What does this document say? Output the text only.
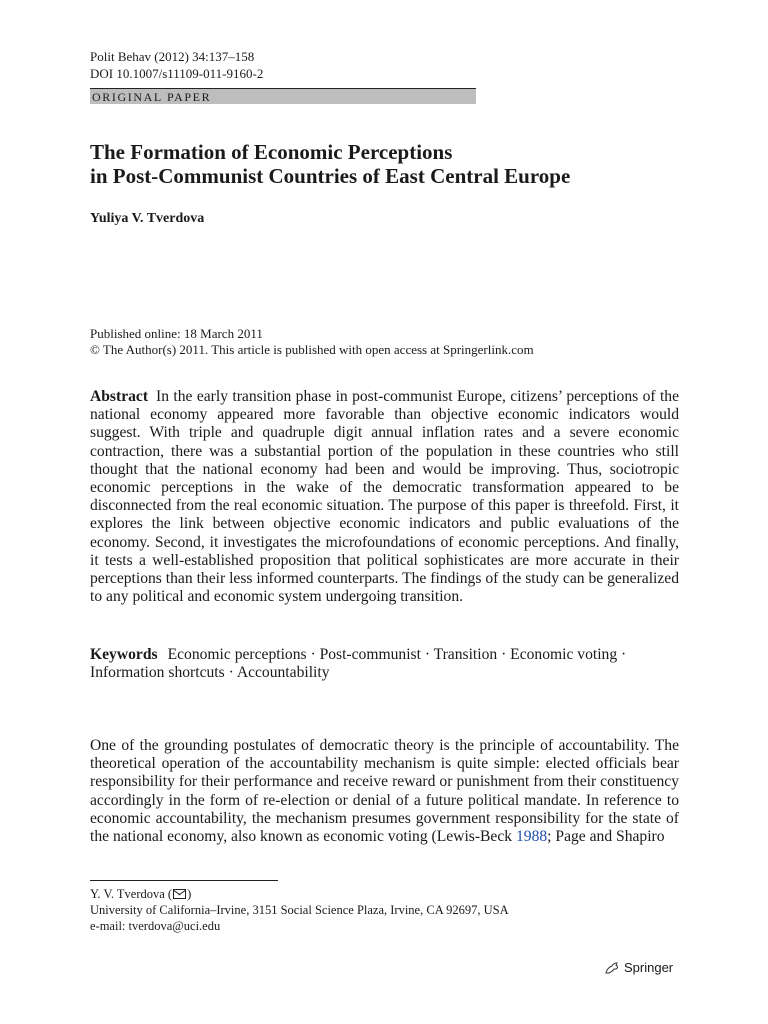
Polit Behav (2012) 34:137–158
DOI 10.1007/s11109-011-9160-2
ORIGINAL PAPER
The Formation of Economic Perceptions
in Post-Communist Countries of East Central Europe
Yuliya V. Tverdova
Published online: 18 March 2011
© The Author(s) 2011. This article is published with open access at Springerlink.com

Abstract In the early transition phase in post-communist Europe, citizens’ perceptions of the national economy appeared more favorable than objective economic indicators would suggest. With triple and quadruple digit annual inflation rates and a severe economic contraction, there was a substantial portion of the population in these countries who still thought that the national economy had been and would be improving. Thus, sociotropic economic perceptions in the wake of the democratic transformation appeared to be disconnected from the real economic situation. The purpose of this paper is threefold. First, it explores the link between objective economic indicators and public evaluations of the economy. Second, it investigates the microfoundations of economic perceptions. And finally, it tests a well-established proposition that political sophisticates are more accurate in their perceptions than their less informed counterparts. The findings of the study can be generalized to any political and economic system undergoing transition.

Keywords Economic perceptions · Post-communist · Transition · Economic voting · Information shortcuts · Accountability

One of the grounding postulates of democratic theory is the principle of accountability. The theoretical operation of the accountability mechanism is quite simple: elected officials bear responsibility for their performance and receive reward or punishment from their constituency accordingly in the form of re-election or denial of a future political mandate. In reference to economic accountability, the mechanism presumes government responsibility for the state of the national economy, also known as economic voting (Lewis-Beck 1988; Page and Shapiro

Y. V. Tverdova ( )
University of California–Irvine, 3151 Social Science Plaza, Irvine, CA 92697, USA
e-mail: tverdova@uci.edu
Springer
